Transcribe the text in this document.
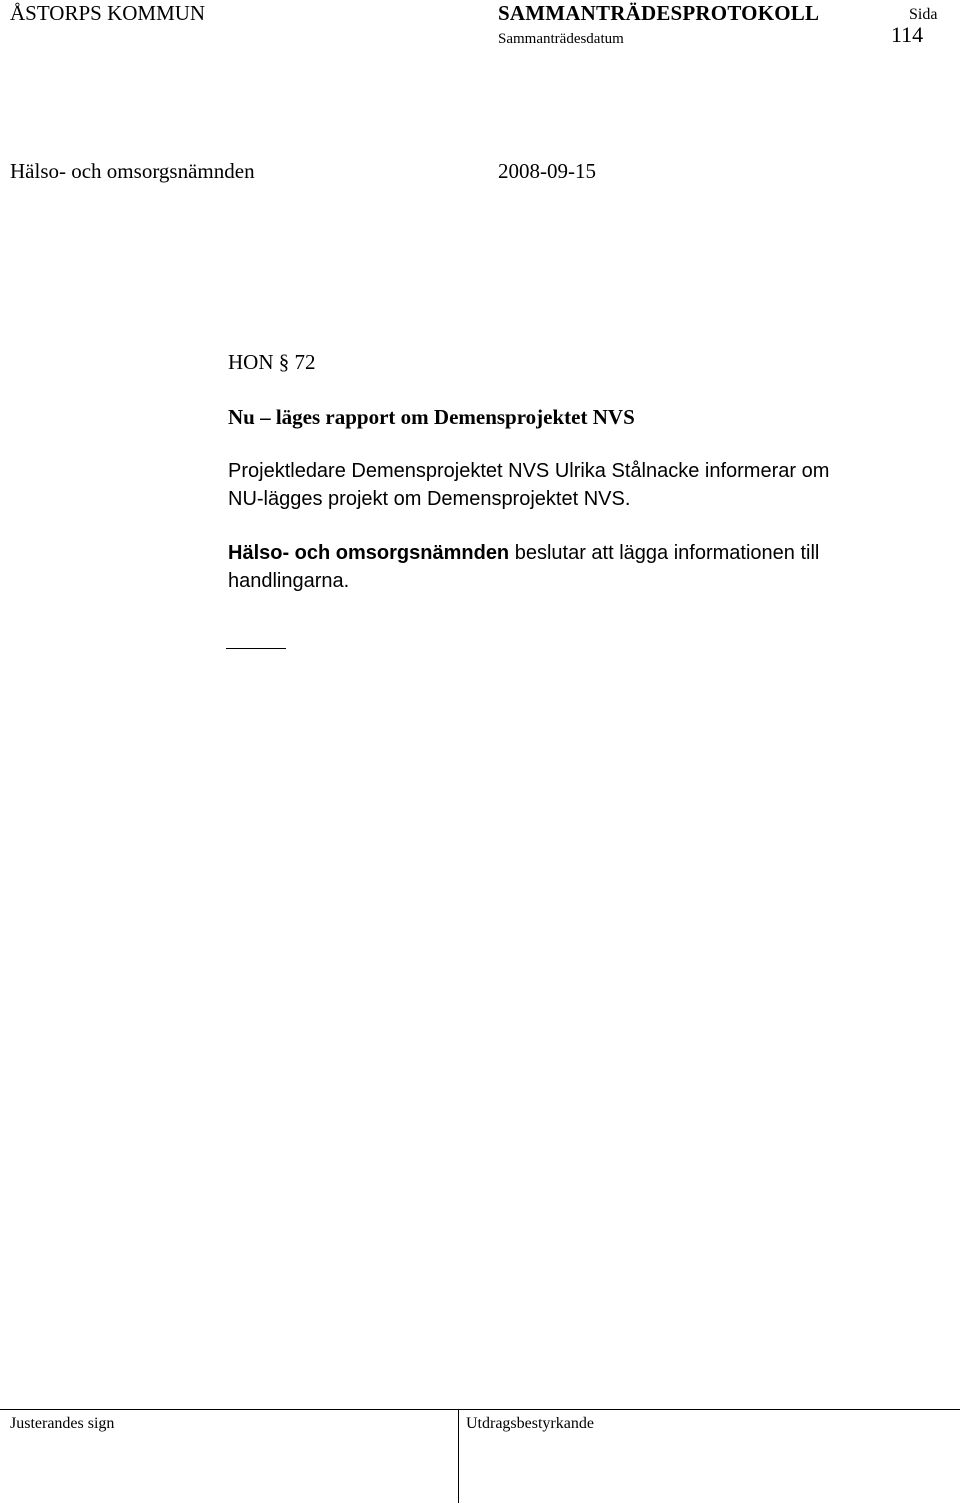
ÅSTORPS KOMMUN	SAMMANTRÄDESPROTOKOLL
Sammanträdesdatum
Sida
114
Hälso- och omsorgsnämnden	2008-09-15
HON § 72
Nu – läges rapport om Demensprojektet NVS
Projektledare Demensprojektet NVS Ulrika Stålnacke informerar om
NU-lägges projekt om Demensprojektet NVS.
Hälso- och omsorgsnämnden beslutar att lägga informationen till
handlingarna.
Justerandes sign	Utdragsbestyrkande
